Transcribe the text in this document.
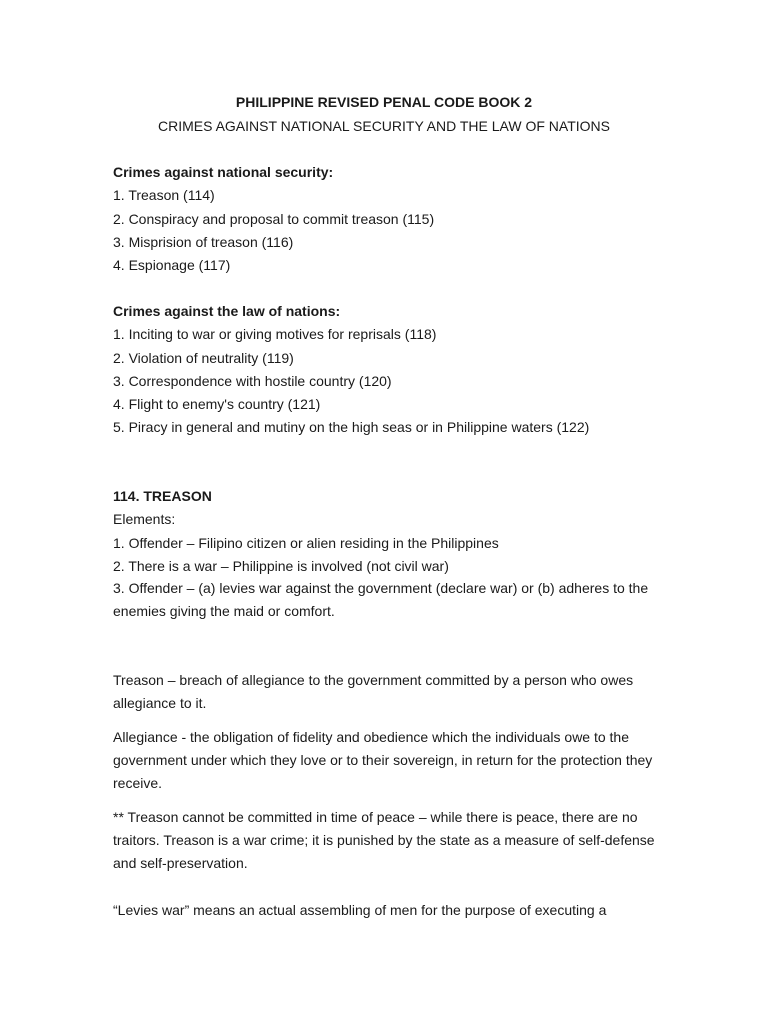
PHILIPPINE REVISED PENAL CODE BOOK 2
CRIMES AGAINST NATIONAL SECURITY AND THE LAW OF NATIONS
Crimes against national security:
1. Treason (114)
2. Conspiracy and proposal to commit treason (115)
3. Misprision of treason (116)
4. Espionage (117)
Crimes against the law of nations:
1. Inciting to war or giving motives for reprisals (118)
2. Violation of neutrality (119)
3. Correspondence with hostile country (120)
4. Flight to enemy's country (121)
5. Piracy in general and mutiny on the high seas or in Philippine waters (122)
114. TREASON
Elements:
1. Offender – Filipino citizen or alien residing in the Philippines
2. There is a war – Philippine is involved (not civil war)
3. Offender – (a) levies war against the government (declare war) or (b) adheres to the enemies giving the maid or comfort.
Treason – breach of allegiance to the government committed by a person who owes allegiance to it.
Allegiance - the obligation of fidelity and obedience which the individuals owe to the government under which they love or to their sovereign, in return for the protection they receive.
** Treason cannot be committed in time of peace – while there is peace, there are no traitors. Treason is a war crime; it is punished by the state as a measure of self-defense and self-preservation.
“Levies war” means an actual assembling of men for the purpose of executing a
